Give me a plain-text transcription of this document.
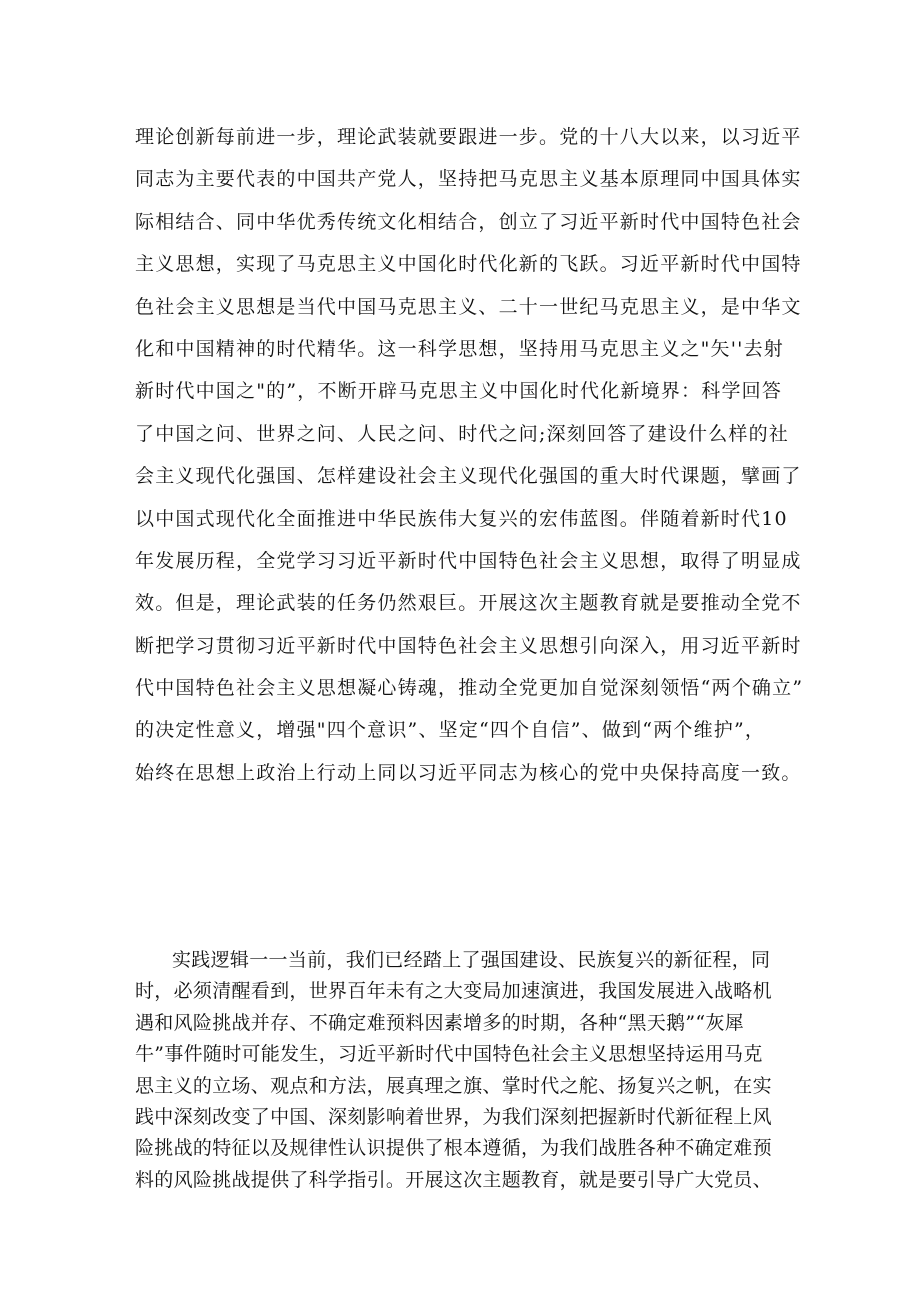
理论创新每前进一步，理论武装就要跟进一步。党的十八大以来，以习近平
同志为主要代表的中国共产党人，坚持把马克思主义基本原理同中国具体实
际相结合、同中华优秀传统文化相结合，创立了习近平新时代中国特色社会
主义思想，实现了马克思主义中国化时代化新的飞跃。习近平新时代中国特
色社会主义思想是当代中国马克思主义、二十一世纪马克思主义，是中华文
化和中国精神的时代精华。这一科学思想，坚持用马克思主义之"矢''去射
新时代中国之"的”，不断开辟马克思主义中国化时代化新境界：科学回答
了中国之问、世界之问、人民之问、时代之问;深刻回答了建设什么样的社
会主义现代化强国、怎样建设社会主义现代化强国的重大时代课题，擘画了
以中国式现代化全面推进中华民族伟大复兴的宏伟蓝图。伴随着新时代10
年发展历程，全党学习习近平新时代中国特色社会主义思想，取得了明显成
效。但是，理论武装的任务仍然艰巨。开展这次主题教育就是要推动全党不
断把学习贯彻习近平新时代中国特色社会主义思想引向深入，用习近平新时
代中国特色社会主义思想凝心铸魂，推动全党更加自觉深刻领悟“两个确立”
的决定性意义，增强"四个意识”、坚定“四个自信”、做到“两个维护”，
始终在思想上政治上行动上同以习近平同志为核心的党中央保持高度一致。
实践逻辑一一当前，我们已经踏上了强国建设、民族复兴的新征程，同
时，必须清醒看到，世界百年未有之大变局加速演进，我国发展进入战略机
遇和风险挑战并存、不确定难预料因素增多的时期，各种“黑天鹅”“灰犀
牛”事件随时可能发生，习近平新时代中国特色社会主义思想坚持运用马克
思主义的立场、观点和方法，展真理之旗、掌时代之舵、扬复兴之帆，在实
践中深刻改变了中国、深刻影响着世界，为我们深刻把握新时代新征程上风
险挑战的特征以及规律性认识提供了根本遵循，为我们战胜各种不确定难预
料的风险挑战提供了科学指引。开展这次主题教育，就是要引导广大党员、
